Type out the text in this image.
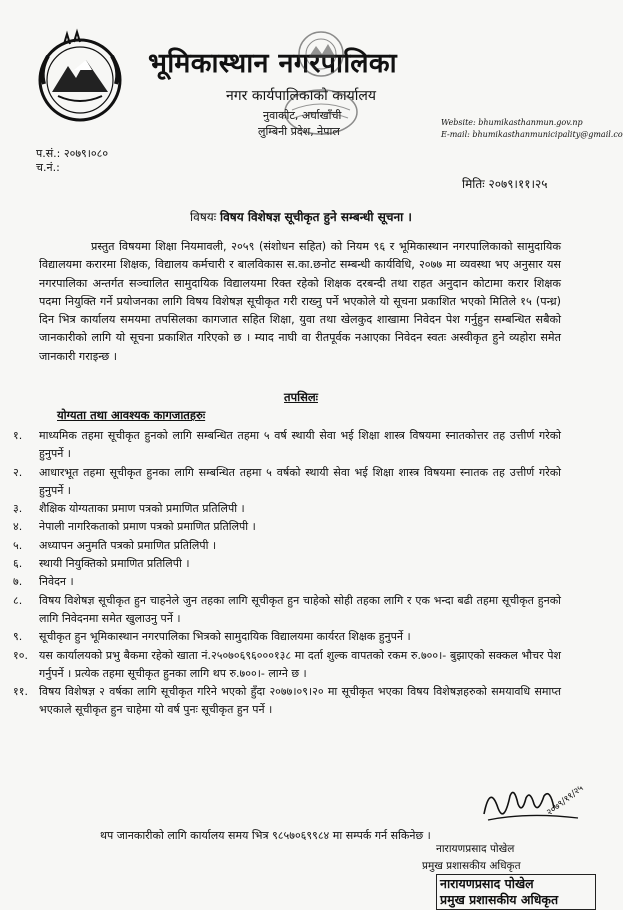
भूमिकास्थान नगरपालिका
नगर कार्यपालिकाको कार्यालय
नुवाकोट, अर्घाखाँची
लुम्बिनी प्रदेश, नेपाल
Website: bhumikasthanmun.gov.np
E-mail: bhumikasthanmunicipality@gmail.co
प.सं.: २०७९।०८०
च.नं.:
मितिः २०७९।११।२५
विषयः विषय विशेषज्ञ सूचीकृत हुने सम्बन्धी सूचना ।
प्रस्तुत विषयमा शिक्षा नियमावली, २०५९ (संशोधन सहित) को नियम ९६ र भूमिकास्थान नगरपालिकाको सामुदायिक विद्यालयमा करारमा शिक्षक, विद्यालय कर्मचारी र बालविकास स.का.छनोट सम्बन्धी कार्यविधि, २०७७ मा व्यवस्था भए अनुसार यस नगरपालिका अन्तर्गत सञ्चालित सामुदायिक विद्यालयमा रिक्त रहेको शिक्षक दरबन्दी तथा राहत अनुदान कोटामा करार शिक्षक पदमा नियुक्ति गर्ने प्रयोजनका लागि विषय विशेषज्ञ सूचीकृत गरी राख्नु पर्ने भएकोले यो सूचना प्रकाशित भएको मितिले १५ (पन्ध्र) दिन भित्र कार्यालय समयमा तपसिलका कागजात सहित शिक्षा, युवा तथा खेलकुद शाखामा निवेदन पेश गर्नुहुन सम्बन्धित सबैको जानकारीको लागि यो सूचना प्रकाशित गरिएको छ । म्याद नाघी वा रीतपूर्वक नआएका निवेदन स्वतः अस्वीकृत हुने व्यहोरा समेत जानकारी गराइन्छ ।
तपसिलः
योग्यता तथा आवश्यक कागजातहरुः
१.	माध्यमिक तहमा सूचीकृत हुनको लागि सम्बन्धित तहमा ५ वर्ष स्थायी सेवा भई शिक्षा शास्त्र विषयमा स्नातकोत्तर तह उत्तीर्ण गरेको हुनुपर्ने ।
२.	आधारभूत तहमा सूचीकृत हुनका लागि सम्बन्धित तहमा ५ वर्षको स्थायी सेवा भई शिक्षा शास्त्र विषयमा स्नातक तह उत्तीर्ण गरेको हुनुपर्ने ।
३.	शैक्षिक योग्यताका प्रमाण पत्रको प्रमाणित प्रतिलिपी ।
४.	नेपाली नागरिकताको प्रमाण पत्रको प्रमाणित प्रतिलिपी ।
५.	अध्यापन अनुमति पत्रको प्रमाणित प्रतिलिपी ।
६.	स्थायी नियुक्तिको प्रमाणित प्रतिलिपी ।
७.	निवेदन ।
८.	विषय विशेषज्ञ सूचीकृत हुन चाहनेले जुन तहका लागि सूचीकृत हुन चाहेको सोही तहका लागि र एक भन्दा बढी तहमा सूचीकृत हुनको लागि निवेदनमा समेत खुलाउनु पर्ने ।
९.	सूचीकृत हुन भूमिकास्थान नगरपालिका भित्रको सामुदायिक विद्यालयमा कार्यरत शिक्षक हुनुपर्ने ।
१०.	यस कार्यालयको प्रभु बैकमा रहेको खाता नं.२५०७०६९६०००१३८ मा दर्ता शुल्क वापतको रकम रु.७००।- बुझाएको सक्कल भौचर पेश गर्नुपर्ने । प्रत्येक तहमा सूचीकृत हुनका लागि थप रु.७००।- लाग्ने छ ।
११.	विषय विशेषज्ञ २ वर्षका लागि सूचीकृत गरिने भएको हुँदा २०७७।०९।२० मा सूचीकृत भएका विषय विशेषज्ञहरुको समयावधि समाप्त भएकाले सूचीकृत हुन चाहेमा यो वर्ष पुनः सूचीकृत हुन पर्ने ।
थप जानकारीको लागि कार्यालय समय भित्र ९८५७०६९९८४ मा सम्पर्क गर्न सकिनेछ ।
२०७९/११/२५
नारायणप्रसाद पोखेल
प्रमुख प्रशासकीय अधिकृत
नारायणप्रसाद पोखेल
प्रमुख प्रशासकीय अधिकृत
